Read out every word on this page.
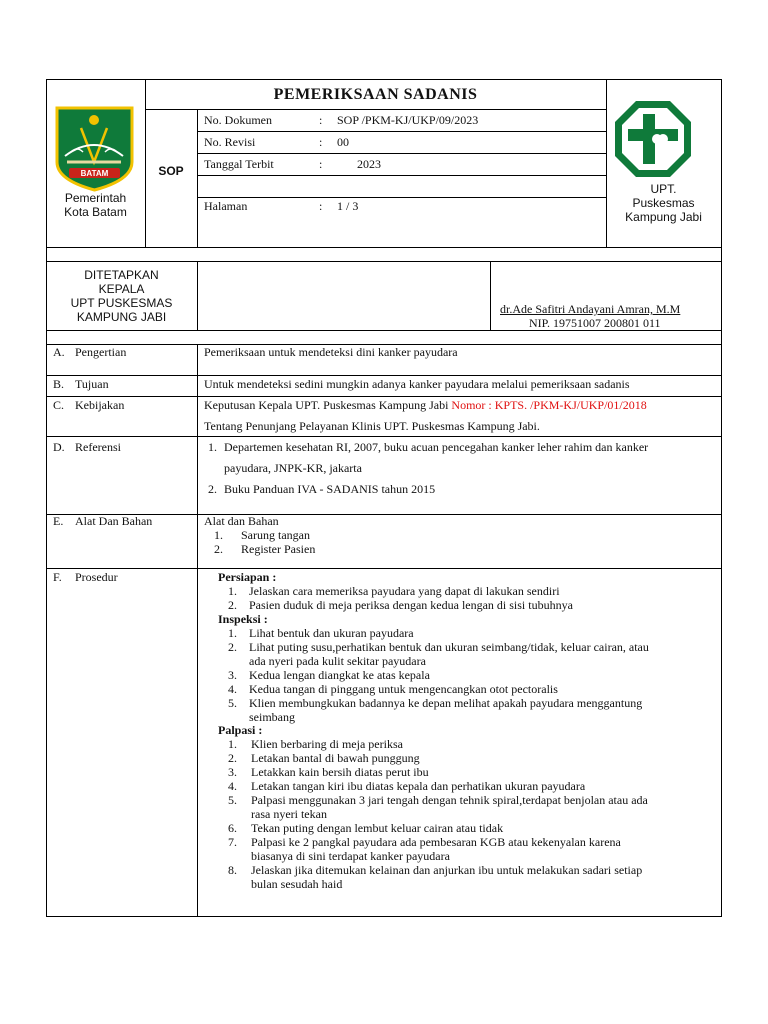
BATAM
Pemerintah
Kota Batam
PEMERIKSAAN SADANIS
SOP
No. Dokumen	: SOP /PKM-KJ/UKP/09/2023
No. Revisi	: 00
Tanggal Terbit	:	2023
Halaman	: 1 / 3
UPT.
Puskesmas
Kampung Jabi
DITETAPKAN
KEPALA
UPT PUSKESMAS
KAMPUNG JABI
dr.Ade Safitri Andayani Amran, M.M
NIP. 19751007 200801 011
A. Pengertian	Pemeriksaan untuk mendeteksi dini kanker payudara
B. Tujuan	Untuk mendeteksi sedini mungkin adanya kanker payudara melalui pemeriksaan sadanis
C. Kebijakan	Keputusan Kepala UPT. Puskesmas Kampung Jabi Nomor : KPTS. /PKM-KJ/UKP/01/2018
Tentang Penunjang Pelayanan Klinis UPT. Puskesmas Kampung Jabi.
D. Referensi	1. Departemen kesehatan RI, 2007, buku acuan pencegahan kanker leher rahim dan kanker
payudara, JNPK-KR, jakarta
2. Buku Panduan IVA - SADANIS tahun 2015
E. Alat Dan Bahan	Alat dan Bahan
1. Sarung tangan
2. Register Pasien
F. Prosedur	Persiapan :
1. Jelaskan cara memeriksa payudara yang dapat di lakukan sendiri
2. Pasien duduk di meja periksa dengan kedua lengan di sisi tubuhnya
Inspeksi :
1. Lihat bentuk dan ukuran payudara
2. Lihat puting susu,perhatikan bentuk dan ukuran seimbang/tidak, keluar cairan, atau
ada nyeri pada kulit sekitar payudara
3. Kedua lengan diangkat ke atas kepala
4. Kedua tangan di pinggang untuk mengencangkan otot pectoralis
5. Klien membungkukan badannya ke depan melihat apakah payudara menggantung
seimbang
Palpasi :
1. Klien berbaring di meja periksa
2. Letakan bantal di bawah punggung
3. Letakkan kain bersih diatas perut ibu
4. Letakan tangan kiri ibu diatas kepala dan perhatikan ukuran payudara
5. Palpasi menggunakan 3 jari tengah dengan tehnik spiral,terdapat benjolan atau ada
rasa nyeri tekan
6. Tekan puting dengan lembut keluar cairan atau tidak
7. Palpasi ke 2 pangkal payudara ada pembesaran KGB atau kekenyalan karena
biasanya di sini terdapat kanker payudara
8. Jelaskan jika ditemukan kelainan dan anjurkan ibu untuk melakukan sadari setiap
bulan sesudah haid
